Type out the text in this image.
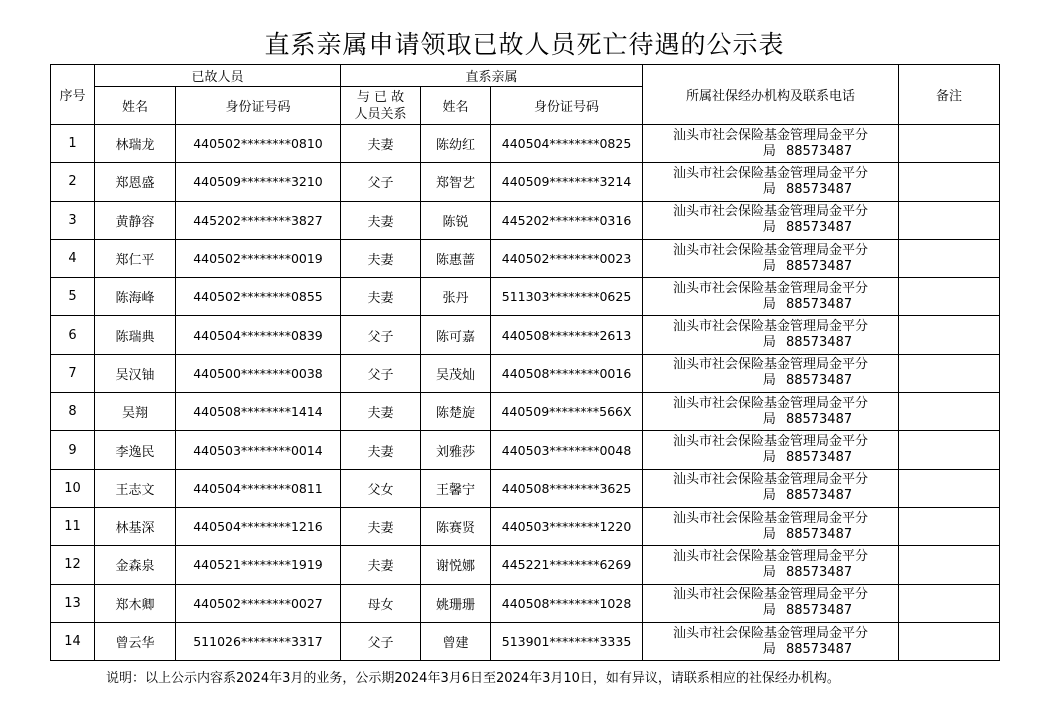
直系亲属申请领取已故人员死亡待遇的公示表
序号	已故人员		直系亲属			所属社保经办机构及联系电话	备注
	姓名	身份证号码	与 已 故
人员关系	姓名	身份证号码		
1	林瑞龙	440502********0810	夫妻	陈幼红	440504********0825	汕头市社会保险基金管理局金平分
局 88573487	

2	郑恩盛	440509********3210	父子	郑智艺	440509********3214	汕头市社会保险基金管理局金平分
局 88573487	

3	黄静容	445202********3827	夫妻	陈锐	445202********0316	汕头市社会保险基金管理局金平分
局 88573487	

4	郑仁平	440502********0019	夫妻	陈惠蔷	440502********0023	汕头市社会保险基金管理局金平分
局 88573487	

5	陈海峰	440502********0855	夫妻	张丹	511303********0625	汕头市社会保险基金管理局金平分
局 88573487	

6	陈瑞典	440504********0839	父子	陈可嘉	440508********2613	汕头市社会保险基金管理局金平分
局 88573487	

7	吴汉铀	440500********0038	父子	吴茂灿	440508********0016	汕头市社会保险基金管理局金平分
局 88573487	

8	吴翔	440508********1414	夫妻	陈楚旋	440509********566X	汕头市社会保险基金管理局金平分
局 88573487	

9	李逸民	440503********0014	夫妻	刘雅莎	440503********0048	汕头市社会保险基金管理局金平分
局 88573487	

10	王志文	440504********0811	父女	王馨宁	440508********3625	汕头市社会保险基金管理局金平分
局 88573487	

11	林基深	440504********1216	夫妻	陈赛贤	440503********1220	汕头市社会保险基金管理局金平分
局 88573487	

12	金森泉	440521********1919	夫妻	谢悦娜	445221********6269	汕头市社会保险基金管理局金平分
局 88573487	

13	郑木卿	440502********0027	母女	姚珊珊	440508********1028	汕头市社会保险基金管理局金平分
局 88573487	

14	曾云华	511026********3317	父子	曾建	513901********3335	汕头市社会保险基金管理局金平分
局 88573487	

说明：以上公示内容系2024年3月的业务，公示期2024年3月6日至2024年3月10日，如有异议，请联系相应的社保经办机构。
